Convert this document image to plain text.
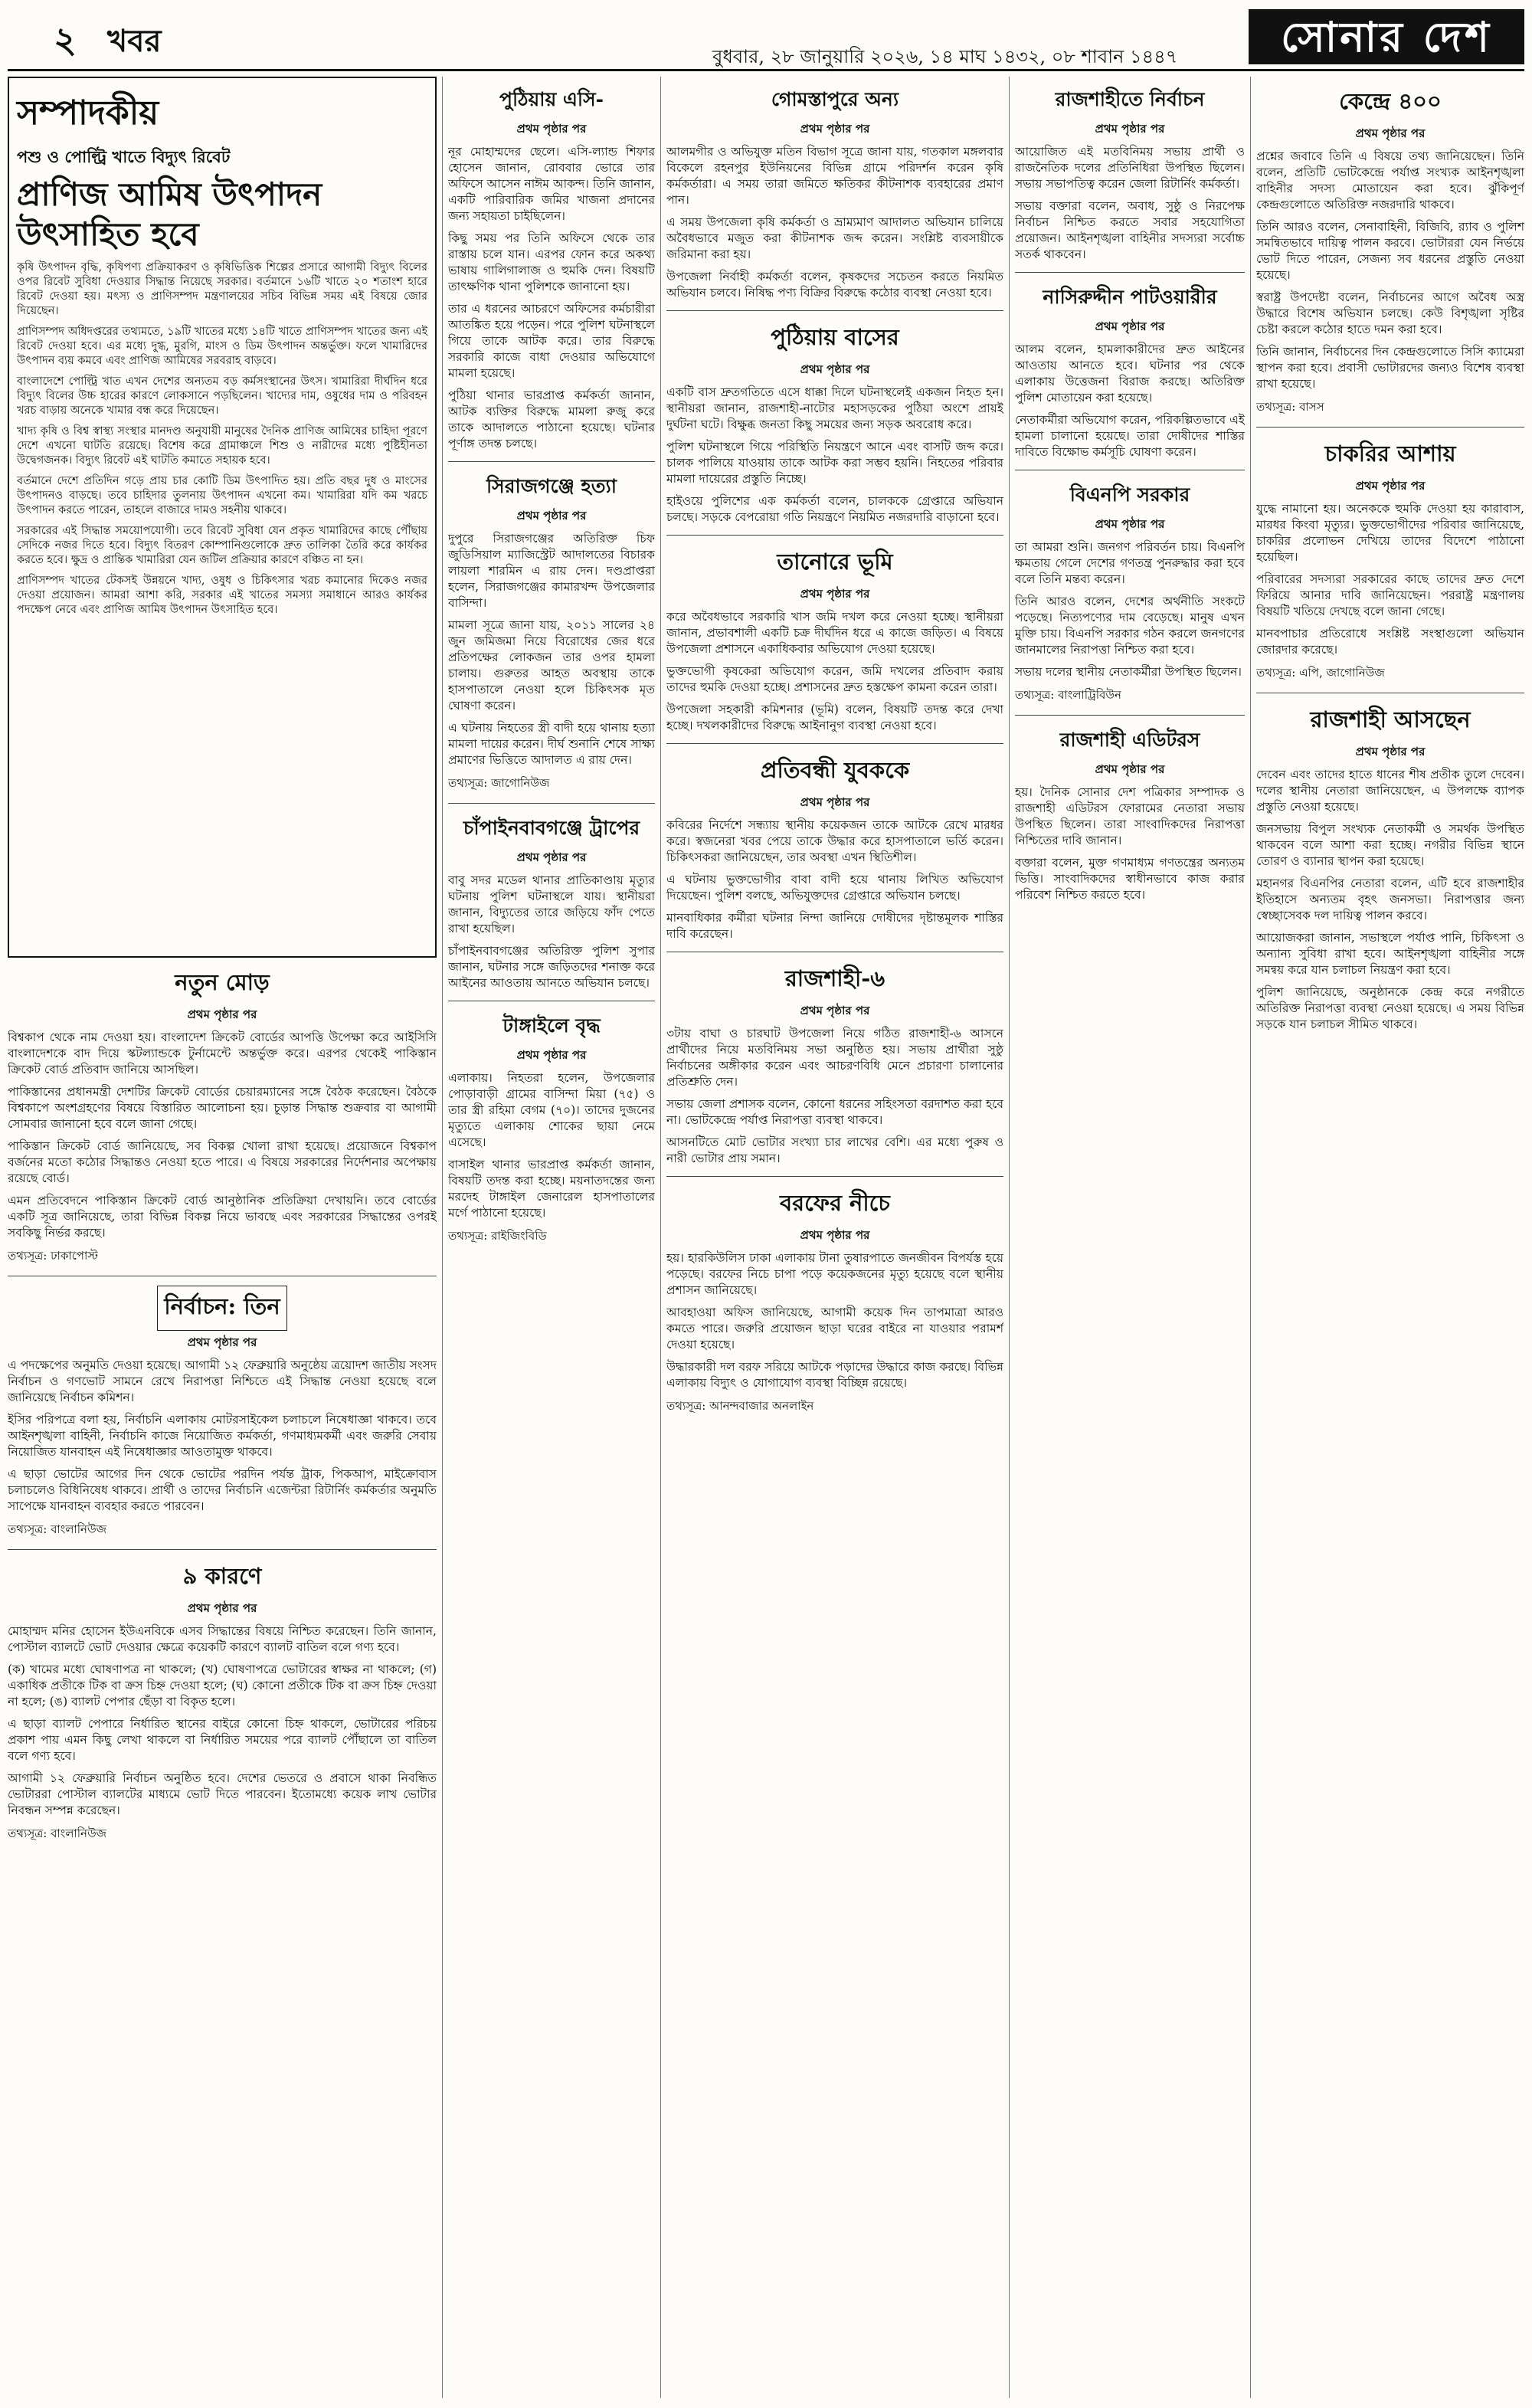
২ খবর	বুধবার, ২৮ জানুয়ারি ২০২৬, ১৪ মাঘ ১৪৩২, ০৮ শাবান ১৪৪৭	সোনার দেশ
সম্পাদকীয়
পশু ও পোল্ট্রি খাতে বিদ্যুৎ রিবেট
প্রাণিজ আমিষ উৎপাদন উৎসাহিত হবে

কৃষি উৎপাদন বৃদ্ধি, কৃষিপণ্য প্রক্রিয়াকরণ ও কৃষিভিত্তিক শিল্পের প্রসারে আগামী বিদ্যুৎ বিলের ওপর রিবেট সুবিধা দেওয়ার সিদ্ধান্ত নিয়েছে সরকার। বর্তমানে ১৬টি খাতে ২০ শতাংশ হারে রিবেট দেওয়া হয়। মৎস্য ও প্রাণিসম্পদ মন্ত্রণালয়ের সচিব বিভিন্ন সময় এই বিষয়ে জোর দিয়েছেন।

প্রাণিসম্পদ অধিদপ্তরের তথ্যমতে, ১৯টি খাতের মধ্যে ১৪টি খাতে প্রাণিসম্পদ খাতের জন্য এই রিবেট দেওয়া হবে। এর মধ্যে দুগ্ধ, মুরগি, মাংস ও ডিম উৎপাদন অন্তর্ভুক্ত। ফলে খামারিদের উৎপাদন ব্যয় কমবে এবং প্রাণিজ আমিষের সরবরাহ বাড়বে।

বাংলাদেশে পোল্ট্রি খাত এখন দেশের অন্যতম বড় কর্মসংস্থানের উৎস। খামারিরা দীর্ঘদিন ধরে বিদ্যুৎ বিলের উচ্চ হারের কারণে লোকসানে পড়ছিলেন। খাদ্যের দাম, ওষুধের দাম ও পরিবহন খরচ বাড়ায় অনেকে খামার বন্ধ করে দিয়েছেন।

খাদ্য কৃষি ও বিশ্ব স্বাস্থ্য সংস্থার মানদণ্ড অনুযায়ী মানুষের দৈনিক প্রাণিজ আমিষের চাহিদা পূরণে দেশে এখনো ঘাটতি রয়েছে। বিশেষ করে গ্রামাঞ্চলে শিশু ও নারীদের মধ্যে পুষ্টিহীনতা উদ্বেগজনক। বিদ্যুৎ রিবেট এই ঘাটতি কমাতে সহায়ক হবে।

বর্তমানে দেশে প্রতিদিন গড়ে প্রায় চার কোটি ডিম উৎপাদিত হয়। প্রতি বছর দুধ ও মাংসের উৎপাদনও বাড়ছে। তবে চাহিদার তুলনায় উৎপাদন এখনো কম। খামারিরা যদি কম খরচে উৎপাদন করতে পারেন, তাহলে বাজারে দামও সহনীয় থাকবে।

সরকারের এই সিদ্ধান্ত সময়োপযোগী। তবে রিবেট সুবিধা যেন প্রকৃত খামারিদের কাছে পৌঁছায় সেদিকে নজর দিতে হবে। বিদ্যুৎ বিতরণ কোম্পানিগুলোকে দ্রুত তালিকা তৈরি করে কার্যকর করতে হবে। ক্ষুদ্র ও প্রান্তিক খামারিরা যেন জটিল প্রক্রিয়ার কারণে বঞ্চিত না হন।

প্রাণিসম্পদ খাতের টেকসই উন্নয়নে খাদ্য, ওষুধ ও চিকিৎসার খরচ কমানোর দিকেও নজর দেওয়া প্রয়োজন। আমরা আশা করি, সরকার এই খাতের সমস্যা সমাধানে আরও কার্যকর পদক্ষেপ নেবে এবং প্রাণিজ আমিষ উৎপাদন উৎসাহিত হবে।

নতুন মোড়
প্রথম পৃষ্ঠার পর

বিশ্বকাপ থেকে নাম দেওয়া হয়। বাংলাদেশ ক্রিকেট বোর্ডের আপত্তি উপেক্ষা করে আইসিসি বাংলাদেশকে বাদ দিয়ে স্কটল্যান্ডকে টুর্নামেন্টে অন্তর্ভুক্ত করে। এরপর থেকেই পাকিস্তান ক্রিকেট বোর্ড প্রতিবাদ জানিয়ে আসছিল।

পাকিস্তানের প্রধানমন্ত্রী দেশটির ক্রিকেট বোর্ডের চেয়ারম্যানের সঙ্গে বৈঠক করেছেন। বৈঠকে বিশ্বকাপে অংশগ্রহণের বিষয়ে বিস্তারিত আলোচনা হয়। চূড়ান্ত সিদ্ধান্ত শুক্রবার বা আগামী সোমবার জানানো হবে বলে জানা গেছে।

পাকিস্তান ক্রিকেট বোর্ড জানিয়েছে, সব বিকল্প খোলা রাখা হয়েছে। প্রয়োজনে বিশ্বকাপ বর্জনের মতো কঠোর সিদ্ধান্তও নেওয়া হতে পারে। এ বিষয়ে সরকারের নির্দেশনার অপেক্ষায় রয়েছে বোর্ড।

এমন প্রতিবেদনে পাকিস্তান ক্রিকেট বোর্ড আনুষ্ঠানিক প্রতিক্রিয়া দেখায়নি। তবে বোর্ডের একটি সূত্র জানিয়েছে, তারা বিভিন্ন বিকল্প নিয়ে ভাবছে এবং সরকারের সিদ্ধান্তের ওপরই সবকিছু নির্ভর করছে।

তথ্যসূত্র: ঢাকাপোস্ট
নির্বাচন: তিন
প্রথম পৃষ্ঠার পর

এ পদক্ষেপের অনুমতি দেওয়া হয়েছে। আগামী ১২ ফেব্রুয়ারি অনুষ্ঠেয় ত্রয়োদশ জাতীয় সংসদ নির্বাচন ও গণভোট সামনে রেখে নিরাপত্তা নিশ্চিতে এই সিদ্ধান্ত নেওয়া হয়েছে বলে জানিয়েছে নির্বাচন কমিশন।

ইসির পরিপত্রে বলা হয়, নির্বাচনি এলাকায় মোটরসাইকেল চলাচলে নিষেধাজ্ঞা থাকবে। তবে আইনশৃঙ্খলা বাহিনী, নির্বাচনি কাজে নিয়োজিত কর্মকর্তা, গণমাধ্যমকর্মী এবং জরুরি সেবায় নিয়োজিত যানবাহন এই নিষেধাজ্ঞার আওতামুক্ত থাকবে।

এ ছাড়া ভোটের আগের দিন থেকে ভোটের পরদিন পর্যন্ত ট্রাক, পিকআপ, মাইক্রোবাস চলাচলেও বিধিনিষেধ থাকবে। প্রার্থী ও তাদের নির্বাচনি এজেন্টরা রিটার্নিং কর্মকর্তার অনুমতি সাপেক্ষে যানবাহন ব্যবহার করতে পারবেন।

তথ্যসূত্র: বাংলানিউজ
৯ কারণে
প্রথম পৃষ্ঠার পর

মোহাম্মদ মনির হোসেন ইউএনবিকে এসব সিদ্ধান্তের বিষয়ে নিশ্চিত করেছেন। তিনি জানান, পোস্টাল ব্যালটে ভোট দেওয়ার ক্ষেত্রে কয়েকটি কারণে ব্যালট বাতিল বলে গণ্য হবে।

(ক) খামের মধ্যে ঘোষণাপত্র না থাকলে; (খ) ঘোষণাপত্রে ভোটারের স্বাক্ষর না থাকলে; (গ) একাধিক প্রতীকে টিক বা ক্রস চিহ্ন দেওয়া হলে; (ঘ) কোনো প্রতীকে টিক বা ক্রস চিহ্ন দেওয়া না হলে; (ঙ) ব্যালট পেপার ছেঁড়া বা বিকৃত হলে।

এ ছাড়া ব্যালট পেপারে নির্ধারিত স্থানের বাইরে কোনো চিহ্ন থাকলে, ভোটারের পরিচয় প্রকাশ পায় এমন কিছু লেখা থাকলে বা নির্ধারিত সময়ের পরে ব্যালট পৌঁছালে তা বাতিল বলে গণ্য হবে।

আগামী ১২ ফেব্রুয়ারি নির্বাচন অনুষ্ঠিত হবে। দেশের ভেতরে ও প্রবাসে থাকা নিবন্ধিত ভোটাররা পোস্টাল ব্যালটের মাধ্যমে ভোট দিতে পারবেন। ইতোমধ্যে কয়েক লাখ ভোটার নিবন্ধন সম্পন্ন করেছেন।

তথ্যসূত্র: বাংলানিউজ
পুঠিয়ায় এসি-
প্রথম পৃষ্ঠার পর

নূর মোহাম্মদের ছেলে। এসি-ল্যান্ড শিফার হোসেন জানান, রোববার ভোরে তার অফিসে আসেন নাঈম আকন্দ। তিনি জানান, একটি পারিবারিক জমির খাজনা প্রদানের জন্য সহায়তা চাইছিলেন।

কিছু সময় পর তিনি অফিসে থেকে তার রাস্তায় চলে যান। এরপর ফোন করে অকথ্য ভাষায় গালিগালাজ ও হুমকি দেন। বিষয়টি তাৎক্ষণিক থানা পুলিশকে জানানো হয়।

তার এ ধরনের আচরণে অফিসের কর্মচারীরা আতঙ্কিত হয়ে পড়েন। পরে পুলিশ ঘটনাস্থলে গিয়ে তাকে আটক করে। তার বিরুদ্ধে সরকারি কাজে বাধা দেওয়ার অভিযোগে মামলা হয়েছে।

পুঠিয়া থানার ভারপ্রাপ্ত কর্মকর্তা জানান, আটক ব্যক্তির বিরুদ্ধে মামলা রুজু করে তাকে আদালতে পাঠানো হয়েছে। ঘটনার পূর্ণাঙ্গ তদন্ত চলছে।

সিরাজগঞ্জে হত্যা
প্রথম পৃষ্ঠার পর

দুপুরে সিরাজগঞ্জের অতিরিক্ত চিফ জুডিসিয়াল ম্যাজিস্ট্রেট আদালতের বিচারক লায়লা শারমিন এ রায় দেন। দণ্ডপ্রাপ্তরা হলেন, সিরাজগঞ্জের কামারখন্দ উপজেলার বাসিন্দা।

মামলা সূত্রে জানা যায়, ২০১১ সালের ২৪ জুন জমিজমা নিয়ে বিরোধের জের ধরে প্রতিপক্ষের লোকজন তার ওপর হামলা চালায়। গুরুতর আহত অবস্থায় তাকে হাসপাতালে নেওয়া হলে চিকিৎসক মৃত ঘোষণা করেন।

এ ঘটনায় নিহতের স্ত্রী বাদী হয়ে থানায় হত্যা মামলা দায়ের করেন। দীর্ঘ শুনানি শেষে সাক্ষ্য প্রমাণের ভিত্তিতে আদালত এ রায় দেন।

তথ্যসূত্র: জাগোনিউজ
চাঁপাইনবাবগঞ্জে ট্রাপের
প্রথম পৃষ্ঠার পর

বাবু সদর মডেল থানার প্রাতিকাণ্ডায় মৃত্যুর ঘটনায় পুলিশ ঘটনাস্থলে যায়। স্থানীয়রা জানান, বিদ্যুতের তারে জড়িয়ে ফাঁদ পেতে রাখা হয়েছিল।

চাঁপাইনবাবগঞ্জের অতিরিক্ত পুলিশ সুপার জানান, ঘটনার সঙ্গে জড়িতদের শনাক্ত করে আইনের আওতায় আনতে অভিযান চলছে।

টাঙ্গাইলে বৃদ্ধ
প্রথম পৃষ্ঠার পর

এলাকায়। নিহতরা হলেন, উপজেলার পোড়াবাড়ী গ্রামের বাসিন্দা মিয়া (৭৫) ও তার স্ত্রী রহিমা বেগম (৭০)। তাদের দুজনের মৃত্যুতে এলাকায় শোকের ছায়া নেমে এসেছে।

বাসাইল থানার ভারপ্রাপ্ত কর্মকর্তা জানান, বিষয়টি তদন্ত করা হচ্ছে। ময়নাতদন্তের জন্য মরদেহ টাঙ্গাইল জেনারেল হাসপাতালের মর্গে পাঠানো হয়েছে।

তথ্যসূত্র: রাইজিংবিডি
গোমস্তাপুরে অন্য
প্রথম পৃষ্ঠার পর

আলমগীর ও অভিযুক্ত মতিন বিভাগ সূত্রে জানা যায়, গতকাল মঙ্গলবার বিকেলে রহনপুর ইউনিয়নের বিভিন্ন গ্রামে পরিদর্শন করেন কৃষি কর্মকর্তারা। এ সময় তারা জমিতে ক্ষতিকর কীটনাশক ব্যবহারের প্রমাণ পান।

এ সময় উপজেলা কৃষি কর্মকর্তা ও ভ্রাম্যমাণ আদালত অভিযান চালিয়ে অবৈধভাবে মজুত করা কীটনাশক জব্দ করেন। সংশ্লিষ্ট ব্যবসায়ীকে জরিমানা করা হয়।

উপজেলা নির্বাহী কর্মকর্তা বলেন, কৃষকদের সচেতন করতে নিয়মিত অভিযান চলবে। নিষিদ্ধ পণ্য বিক্রির বিরুদ্ধে কঠোর ব্যবস্থা নেওয়া হবে।

পুঠিয়ায় বাসের
প্রথম পৃষ্ঠার পর

একটি বাস দ্রুতগতিতে এসে ধাক্কা দিলে ঘটনাস্থলেই একজন নিহত হন। স্থানীয়রা জানান, রাজশাহী-নাটোর মহাসড়কের পুঠিয়া অংশে প্রায়ই দুর্ঘটনা ঘটে। বিক্ষুব্ধ জনতা কিছু সময়ের জন্য সড়ক অবরোধ করে।

পুলিশ ঘটনাস্থলে গিয়ে পরিস্থিতি নিয়ন্ত্রণে আনে এবং বাসটি জব্দ করে। চালক পালিয়ে যাওয়ায় তাকে আটক করা সম্ভব হয়নি। নিহতের পরিবার মামলা দায়েরের প্রস্তুতি নিচ্ছে।

হাইওয়ে পুলিশের এক কর্মকর্তা বলেন, চালককে গ্রেপ্তারে অভিযান চলছে। সড়কে বেপরোয়া গতি নিয়ন্ত্রণে নিয়মিত নজরদারি বাড়ানো হবে।

তানোরে ভূমি
প্রথম পৃষ্ঠার পর

করে অবৈধভাবে সরকারি খাস জমি দখল করে নেওয়া হচ্ছে। স্থানীয়রা জানান, প্রভাবশালী একটি চক্র দীর্ঘদিন ধরে এ কাজে জড়িত। এ বিষয়ে উপজেলা প্রশাসনে একাধিকবার অভিযোগ দেওয়া হয়েছে।

ভুক্তভোগী কৃষকেরা অভিযোগ করেন, জমি দখলের প্রতিবাদ করায় তাদের হুমকি দেওয়া হচ্ছে। প্রশাসনের দ্রুত হস্তক্ষেপ কামনা করেন তারা।

উপজেলা সহকারী কমিশনার (ভূমি) বলেন, বিষয়টি তদন্ত করে দেখা হচ্ছে। দখলকারীদের বিরুদ্ধে আইনানুগ ব্যবস্থা নেওয়া হবে।

প্রতিবন্ধী যুবককে
প্রথম পৃষ্ঠার পর

কবিরের নির্দেশে সন্ধ্যায় স্থানীয় কয়েকজন তাকে আটকে রেখে মারধর করে। স্বজনেরা খবর পেয়ে তাকে উদ্ধার করে হাসপাতালে ভর্তি করেন। চিকিৎসকরা জানিয়েছেন, তার অবস্থা এখন স্থিতিশীল।

এ ঘটনায় ভুক্তভোগীর বাবা বাদী হয়ে থানায় লিখিত অভিযোগ দিয়েছেন। পুলিশ বলছে, অভিযুক্তদের গ্রেপ্তারে অভিযান চলছে।

মানবাধিকার কর্মীরা ঘটনার নিন্দা জানিয়ে দোষীদের দৃষ্টান্তমূলক শাস্তির দাবি করেছেন।

রাজশাহী-৬
প্রথম পৃষ্ঠার পর

৩টায় বাঘা ও চারঘাট উপজেলা নিয়ে গঠিত রাজশাহী-৬ আসনে প্রার্থীদের নিয়ে মতবিনিময় সভা অনুষ্ঠিত হয়। সভায় প্রার্থীরা সুষ্ঠু নির্বাচনের অঙ্গীকার করেন এবং আচরণবিধি মেনে প্রচারণা চালানোর প্রতিশ্রুতি দেন।

সভায় জেলা প্রশাসক বলেন, কোনো ধরনের সহিংসতা বরদাশত করা হবে না। ভোটকেন্দ্রে পর্যাপ্ত নিরাপত্তা ব্যবস্থা থাকবে।

আসনটিতে মোট ভোটার সংখ্যা চার লাখের বেশি। এর মধ্যে পুরুষ ও নারী ভোটার প্রায় সমান।

বরফের নীচে
প্রথম পৃষ্ঠার পর

হয়। হারকিউলিস ঢাকা এলাকায় টানা তুষারপাতে জনজীবন বিপর্যস্ত হয়ে পড়েছে। বরফের নিচে চাপা পড়ে কয়েকজনের মৃত্যু হয়েছে বলে স্থানীয় প্রশাসন জানিয়েছে।

আবহাওয়া অফিস জানিয়েছে, আগামী কয়েক দিন তাপমাত্রা আরও কমতে পারে। জরুরি প্রয়োজন ছাড়া ঘরের বাইরে না যাওয়ার পরামর্শ দেওয়া হয়েছে।

উদ্ধারকারী দল বরফ সরিয়ে আটকে পড়াদের উদ্ধারে কাজ করছে। বিভিন্ন এলাকায় বিদ্যুৎ ও যোগাযোগ ব্যবস্থা বিচ্ছিন্ন রয়েছে।

তথ্যসূত্র: আনন্দবাজার অনলাইন
রাজশাহীতে নির্বাচন
প্রথম পৃষ্ঠার পর

আয়োজিত এই মতবিনিময় সভায় প্রার্থী ও রাজনৈতিক দলের প্রতিনিধিরা উপস্থিত ছিলেন। সভায় সভাপতিত্ব করেন জেলা রিটার্নিং কর্মকর্তা।

সভায় বক্তারা বলেন, অবাধ, সুষ্ঠু ও নিরপেক্ষ নির্বাচন নিশ্চিত করতে সবার সহযোগিতা প্রয়োজন। আইনশৃঙ্খলা বাহিনীর সদস্যরা সর্বোচ্চ সতর্ক থাকবেন।

নাসিরুদ্দীন পাটওয়ারীর
প্রথম পৃষ্ঠার পর

আলম বলেন, হামলাকারীদের দ্রুত আইনের আওতায় আনতে হবে। ঘটনার পর থেকে এলাকায় উত্তেজনা বিরাজ করছে। অতিরিক্ত পুলিশ মোতায়েন করা হয়েছে।

নেতাকর্মীরা অভিযোগ করেন, পরিকল্পিতভাবে এই হামলা চালানো হয়েছে। তারা দোষীদের শাস্তির দাবিতে বিক্ষোভ কর্মসূচি ঘোষণা করেন।

বিএনপি সরকার
প্রথম পৃষ্ঠার পর

তা আমরা শুনি। জনগণ পরিবর্তন চায়। বিএনপি ক্ষমতায় গেলে দেশের গণতন্ত্র পুনরুদ্ধার করা হবে বলে তিনি মন্তব্য করেন।

তিনি আরও বলেন, দেশের অর্থনীতি সংকটে পড়েছে। নিত্যপণ্যের দাম বেড়েছে। মানুষ এখন মুক্তি চায়। বিএনপি সরকার গঠন করলে জনগণের জানমালের নিরাপত্তা নিশ্চিত করা হবে।

সভায় দলের স্থানীয় নেতাকর্মীরা উপস্থিত ছিলেন।

তথ্যসূত্র: বাংলাট্রিবিউন
রাজশাহী এডিটরস
প্রথম পৃষ্ঠার পর

হয়। দৈনিক সোনার দেশ পত্রিকার সম্পাদক ও রাজশাহী এডিটরস ফোরামের নেতারা সভায় উপস্থিত ছিলেন। তারা সাংবাদিকদের নিরাপত্তা নিশ্চিতের দাবি জানান।

বক্তারা বলেন, মুক্ত গণমাধ্যম গণতন্ত্রের অন্যতম ভিত্তি। সাংবাদিকদের স্বাধীনভাবে কাজ করার পরিবেশ নিশ্চিত করতে হবে।

কেন্দ্রে ৪০০
প্রথম পৃষ্ঠার পর

প্রশ্নের জবাবে তিনি এ বিষয়ে তথ্য জানিয়েছেন। তিনি বলেন, প্রতিটি ভোটকেন্দ্রে পর্যাপ্ত সংখ্যক আইনশৃঙ্খলা বাহিনীর সদস্য মোতায়েন করা হবে। ঝুঁকিপূর্ণ কেন্দ্রগুলোতে অতিরিক্ত নজরদারি থাকবে।

তিনি আরও বলেন, সেনাবাহিনী, বিজিবি, র‍্যাব ও পুলিশ সমন্বিতভাবে দায়িত্ব পালন করবে। ভোটাররা যেন নির্ভয়ে ভোট দিতে পারেন, সেজন্য সব ধরনের প্রস্তুতি নেওয়া হয়েছে।

স্বরাষ্ট্র উপদেষ্টা বলেন, নির্বাচনের আগে অবৈধ অস্ত্র উদ্ধারে বিশেষ অভিযান চলছে। কেউ বিশৃঙ্খলা সৃষ্টির চেষ্টা করলে কঠোর হাতে দমন করা হবে।

তিনি জানান, নির্বাচনের দিন কেন্দ্রগুলোতে সিসি ক্যামেরা স্থাপন করা হবে। প্রবাসী ভোটারদের জন্যও বিশেষ ব্যবস্থা রাখা হয়েছে।

তথ্যসূত্র: বাসস
চাকরির আশায়
প্রথম পৃষ্ঠার পর

যুদ্ধে নামানো হয়। অনেককে হুমকি দেওয়া হয় কারাবাস, মারধর কিংবা মৃত্যুর। ভুক্তভোগীদের পরিবার জানিয়েছে, চাকরির প্রলোভন দেখিয়ে তাদের বিদেশে পাঠানো হয়েছিল।

পরিবারের সদস্যরা সরকারের কাছে তাদের দ্রুত দেশে ফিরিয়ে আনার দাবি জানিয়েছেন। পররাষ্ট্র মন্ত্রণালয় বিষয়টি খতিয়ে দেখছে বলে জানা গেছে।

মানবপাচার প্রতিরোধে সংশ্লিষ্ট সংস্থাগুলো অভিযান জোরদার করেছে।

তথ্যসূত্র: এপি, জাগোনিউজ
রাজশাহী আসছেন
প্রথম পৃষ্ঠার পর

দেবেন এবং তাদের হাতে ধানের শীষ প্রতীক তুলে দেবেন। দলের স্থানীয় নেতারা জানিয়েছেন, এ উপলক্ষে ব্যাপক প্রস্তুতি নেওয়া হয়েছে।

জনসভায় বিপুল সংখ্যক নেতাকর্মী ও সমর্থক উপস্থিত থাকবেন বলে আশা করা হচ্ছে। নগরীর বিভিন্ন স্থানে তোরণ ও ব্যানার স্থাপন করা হয়েছে।

মহানগর বিএনপির নেতারা বলেন, এটি হবে রাজশাহীর ইতিহাসে অন্যতম বৃহৎ জনসভা। নিরাপত্তার জন্য স্বেচ্ছাসেবক দল দায়িত্ব পালন করবে।

আয়োজকরা জানান, সভাস্থলে পর্যাপ্ত পানি, চিকিৎসা ও অন্যান্য সুবিধা রাখা হবে। আইনশৃঙ্খলা বাহিনীর সঙ্গে সমন্বয় করে যান চলাচল নিয়ন্ত্রণ করা হবে।

পুলিশ জানিয়েছে, অনুষ্ঠানকে কেন্দ্র করে নগরীতে অতিরিক্ত নিরাপত্তা ব্যবস্থা নেওয়া হয়েছে। এ সময় বিভিন্ন সড়কে যান চলাচল সীমিত থাকবে।
